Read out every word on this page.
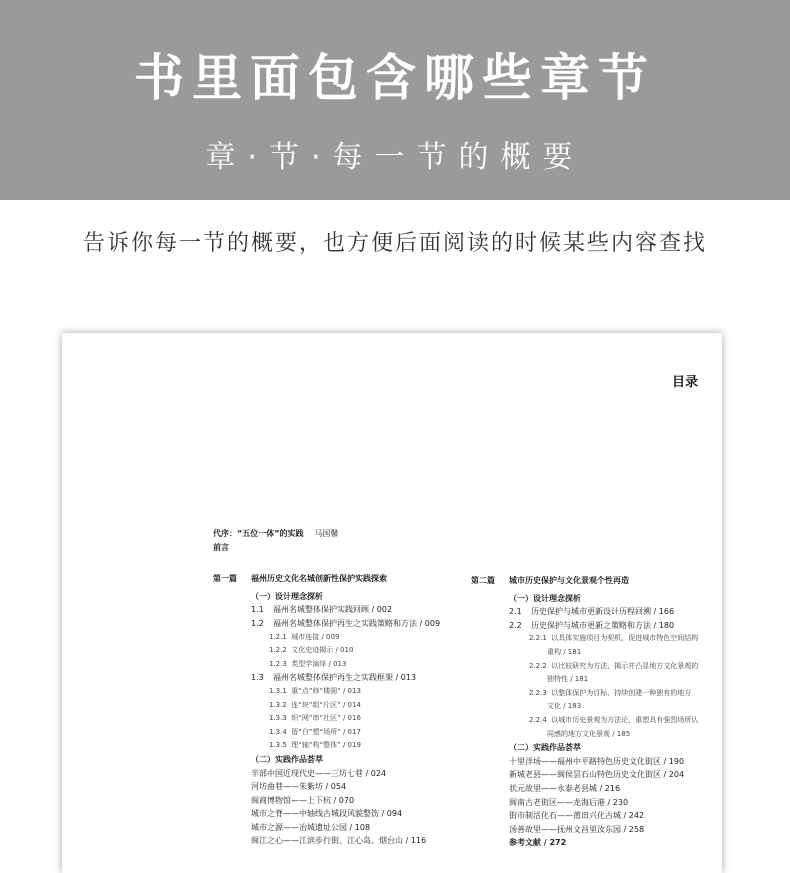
书里面包含哪些章节
章·节·每一节的概要
告诉你每一节的概要，也方便后面阅读的时候某些内容查找
目录
代序：“五位一体”的实践 马国馨
前言
第一篇 福州历史文化名城创新性保护实践探索
（一）设计理念探析
1.1 福州名城整体保护实践回顾 / 002
1.2 福州名城整体保护再生之实践策略和方法 / 009
1.2.1 城市连接 / 009
1.2.2 文化史迹揭示 / 010
1.2.3 类型学演绎 / 013
1.3 福州名城整体保护再生之实践框架 / 013
1.3.1 重“点”修“楼阁” / 013
1.3.2 连“块”组“片区” / 014
1.3.3 织“网”串“社区” / 016
1.3.4 留“白”塑“场所” / 017
1.3.5 理“轴”构“整体” / 019
（二）实践作品荟萃
半部中国近现代史——三坊七巷 / 024
河坊曲巷——朱紫坊 / 054
闽商博物馆——上下杭 / 070
城市之脊——中轴线古城段风貌整饬 / 094
城市之源——冶城遗址公园 / 108
闽江之心——江滨步行街、江心岛、烟台山 / 116
第二篇 城市历史保护与文化景观个性再造
（一）设计理念探析
2.1 历史保护与城市更新设计历程回溯 / 166
2.2 历史保护与城市更新之策略和方法 / 180
2.2.1 以具体实施项目为契机，促进城市特色空间结构
重构 / 181
2.2.2 以比较研究为方法，揭示并凸显地方文化景观的
独特性 / 181
2.2.3 以整体保护为目标，持续创建一种独有的地方
文化 / 183
2.2.4 以城市历史景观为方法论，重塑具有强烈场所认
同感的地方文化景观 / 185
（二）实践作品荟萃
十里洋场——福州中平路特色历史文化街区 / 190
新城老县——闽侯昙石山特色历史文化街区 / 204
状元故里——永泰老县城 / 216
闽南古老街区——龙海后港 / 230
街市制活化石——莆田兴化古城 / 242
汤善故里——抚州文昌里汝东园 / 258
参考文献 / 272
